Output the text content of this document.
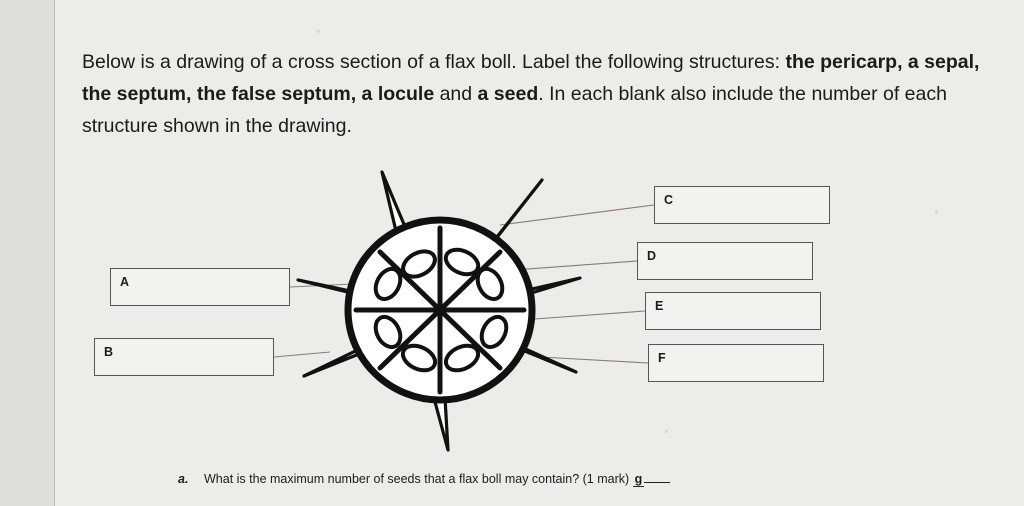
Below is a drawing of a cross section of a flax boll. Label the following structures: the pericarp, a sepal, the septum, the false septum, a locule and a seed. In each blank also include the number of each structure shown in the drawing.
A
B
C
D
E
F
a. What is the maximum number of seeds that a flax boll may contain? (1 mark) g
